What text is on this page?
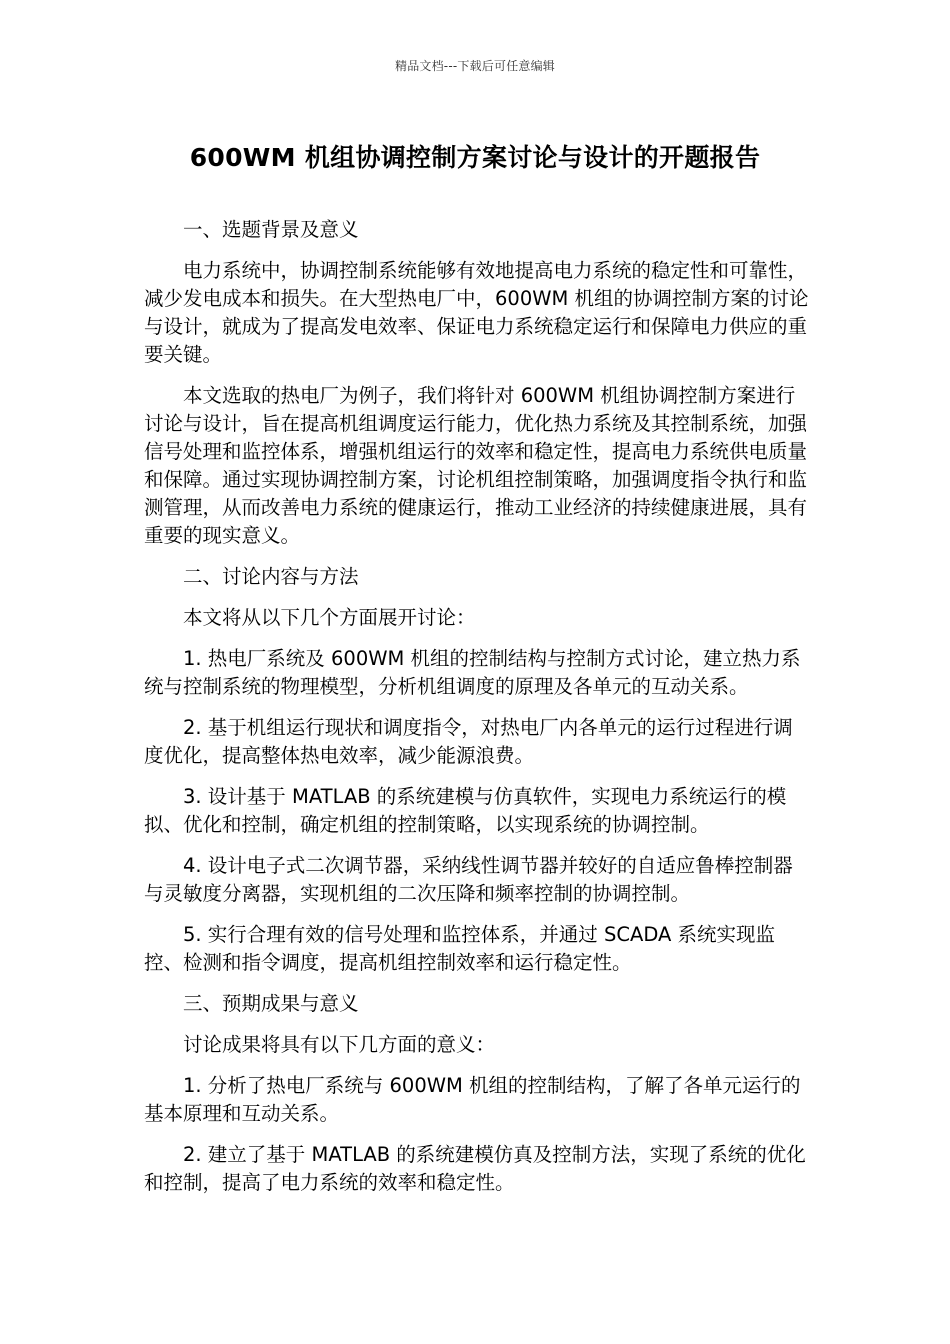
精品文档---下载后可任意编辑
600WM 机组协调控制方案讨论与设计的开题报告

一、选题背景及意义

电力系统中，协调控制系统能够有效地提高电力系统的稳定性和可靠性，减少发电成本和损失。在大型热电厂中，600WM 机组的协调控制方案的讨论与设计，就成为了提高发电效率、保证电力系统稳定运行和保障电力供应的重要关键。

本文选取的热电厂为例子，我们将针对 600WM 机组协调控制方案进行讨论与设计，旨在提高机组调度运行能力，优化热力系统及其控制系统，加强信号处理和监控体系，增强机组运行的效率和稳定性，提高电力系统供电质量和保障。通过实现协调控制方案，讨论机组控制策略，加强调度指令执行和监测管理，从而改善电力系统的健康运行，推动工业经济的持续健康进展，具有重要的现实意义。

二、讨论内容与方法

本文将从以下几个方面展开讨论：

1. 热电厂系统及 600WM 机组的控制结构与控制方式讨论，建立热力系统与控制系统的物理模型，分析机组调度的原理及各单元的互动关系。

2. 基于机组运行现状和调度指令，对热电厂内各单元的运行过程进行调度优化，提高整体热电效率，减少能源浪费。

3. 设计基于 MATLAB 的系统建模与仿真软件，实现电力系统运行的模拟、优化和控制，确定机组的控制策略，以实现系统的协调控制。

4. 设计电子式二次调节器，采纳线性调节器并较好的自适应鲁棒控制器与灵敏度分离器，实现机组的二次压降和频率控制的协调控制。

5. 实行合理有效的信号处理和监控体系，并通过 SCADA 系统实现监控、检测和指令调度，提高机组控制效率和运行稳定性。

三、预期成果与意义

讨论成果将具有以下几方面的意义：

1. 分析了热电厂系统与 600WM 机组的控制结构，了解了各单元运行的基本原理和互动关系。

2. 建立了基于 MATLAB 的系统建模仿真及控制方法，实现了系统的优化和控制，提高了电力系统的效率和稳定性。
